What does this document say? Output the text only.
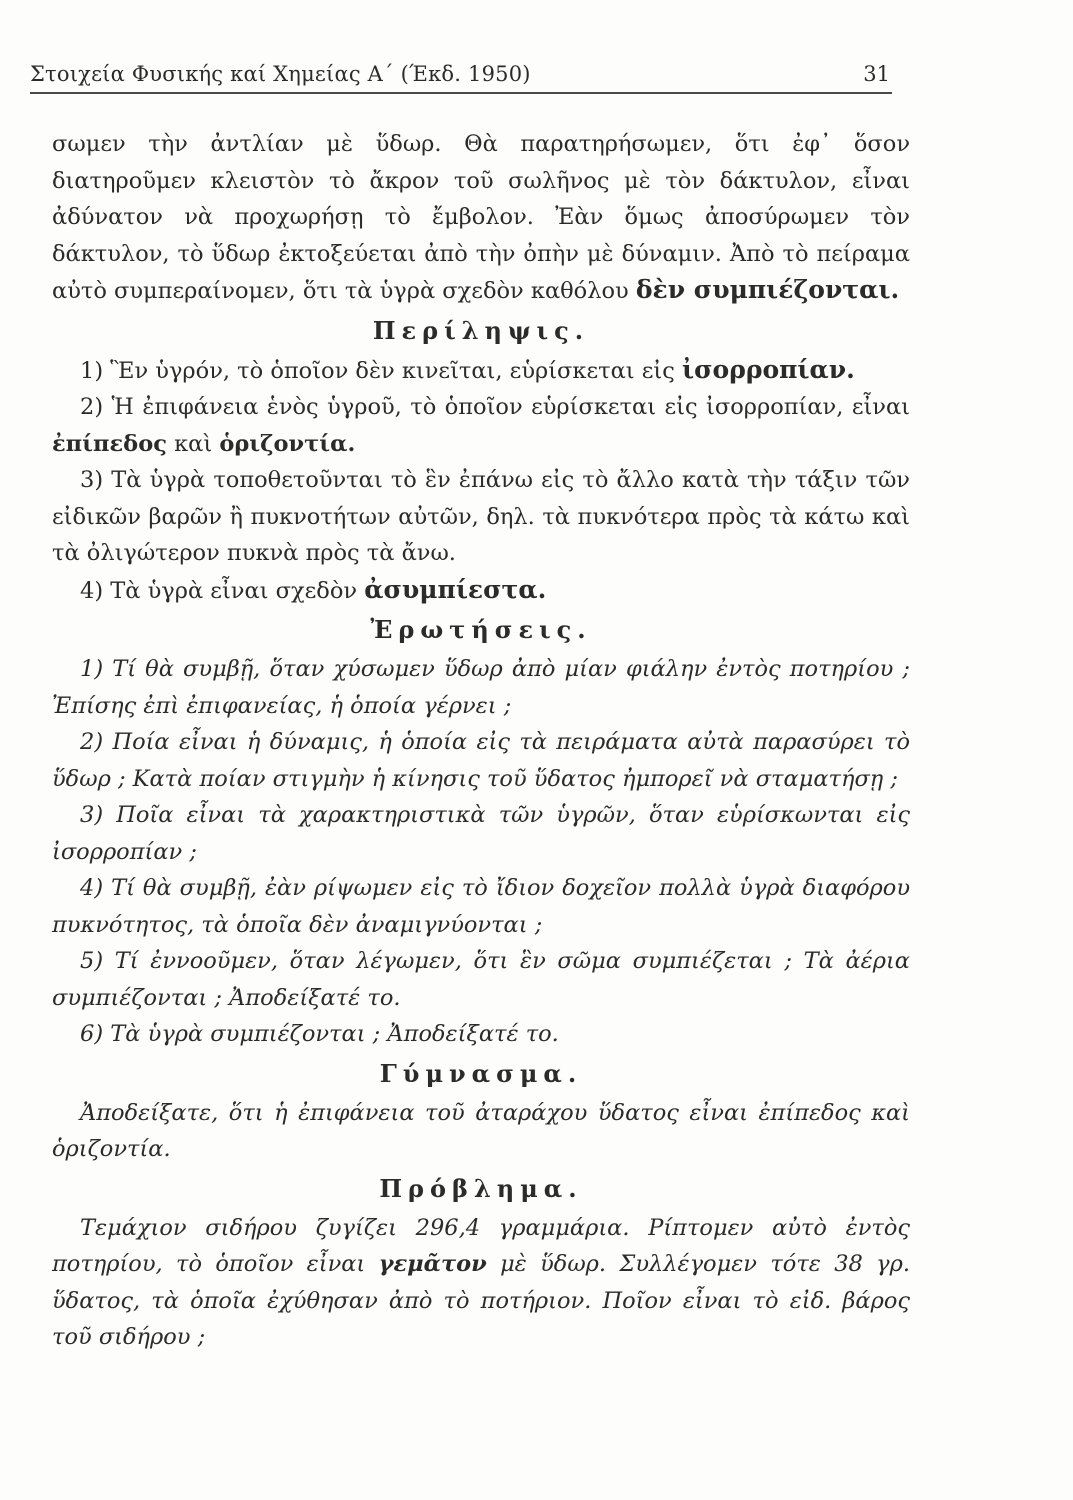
Στοιχεία Φυσικής καί Χημείας Α΄ (Έκδ. 1950)	31

σωμεν τὴν ἀντλίαν μὲ ὕδωρ. Θὰ παρατηρήσωμεν, ὅτι ἐφ᾽ ὅσον διατηροῦμεν κλειστὸν τὸ ἄκρον τοῦ σωλῆνος μὲ τὸν δάκτυλον, εἶναι ἀδύνατον νὰ προχωρήσῃ τὸ ἔμβολον. Ἐὰν ὅμως ἀποσύρωμεν τὸν δάκτυλον, τὸ ὕδωρ ἐκτοξεύεται ἀπὸ τὴν ὀπὴν μὲ δύναμιν. Ἀπὸ τὸ πείραμα αὐτὸ συμπεραίνομεν, ὅτι τὰ ὑγρὰ σχεδὸν καθόλου δὲν συμπιέζονται.

Περίληψις.

1) Ἓν ὑγρόν, τὸ ὁποῖον δὲν κινεῖται, εὑρίσκεται εἰς ἰσορροπίαν.

2) Ἡ ἐπιφάνεια ἑνὸς ὑγροῦ, τὸ ὁποῖον εὑρίσκεται εἰς ἰσορροπίαν, εἶναι ἐπίπεδος καὶ ὁριζοντία.

3) Τὰ ὑγρὰ τοποθετοῦνται τὸ ἓν ἐπάνω εἰς τὸ ἄλλο κατὰ τὴν τάξιν τῶν εἰδικῶν βαρῶν ἢ πυκνοτήτων αὐτῶν, δηλ. τὰ πυκνότερα πρὸς τὰ κάτω καὶ τὰ ὀλιγώτερον πυκνὰ πρὸς τὰ ἄνω.

4) Τὰ ὑγρὰ εἶναι σχεδὸν ἀσυμπίεστα.

Ἐρωτήσεις.

1) Τί θὰ συμβῇ, ὅταν χύσωμεν ὕδωρ ἀπὸ μίαν φιάλην ἐντὸς ποτηρίου ; Ἐπίσης ἐπὶ ἐπιφανείας, ἡ ὁποία γέρνει ;

2) Ποία εἶναι ἡ δύναμις, ἡ ὁποία εἰς τὰ πειράματα αὐτὰ παρασύρει τὸ ὕδωρ ; Κατὰ ποίαν στιγμὴν ἡ κίνησις τοῦ ὕδατος ἠμπορεῖ νὰ σταματήσῃ ;

3) Ποῖα εἶναι τὰ χαρακτηριστικὰ τῶν ὑγρῶν, ὅταν εὑρίσκωνται εἰς ἰσορροπίαν ;

4) Τί θὰ συμβῇ, ἐὰν ρίψωμεν εἰς τὸ ἴδιον δοχεῖον πολλὰ ὑγρὰ διαφόρου πυκνότητος, τὰ ὁποῖα δὲν ἀναμιγνύονται ;

5) Τί ἐννοοῦμεν, ὅταν λέγωμεν, ὅτι ἓν σῶμα συμπιέζεται ; Τὰ ἀέρια συμπιέζονται ; Ἀποδείξατέ το.

6) Τὰ ὑγρὰ συμπιέζονται ; Ἀποδείξατέ το.

Γύμνασμα.

Ἀποδείξατε, ὅτι ἡ ἐπιφάνεια τοῦ ἀταράχου ὕδατος εἶναι ἐπίπεδος καὶ ὁριζοντία.

Πρόβλημα.

Τεμάχιον σιδήρου ζυγίζει 296,4 γραμμάρια. Ρίπτομεν αὐτὸ ἐντὸς ποτηρίου, τὸ ὁποῖον εἶναι γεμᾶτον μὲ ὕδωρ. Συλλέγομεν τότε 38 γρ. ὕδατος, τὰ ὁποῖα ἐχύθησαν ἀπὸ τὸ ποτήριον. Ποῖον εἶναι τὸ εἰδ. βάρος τοῦ σιδήρου ;
